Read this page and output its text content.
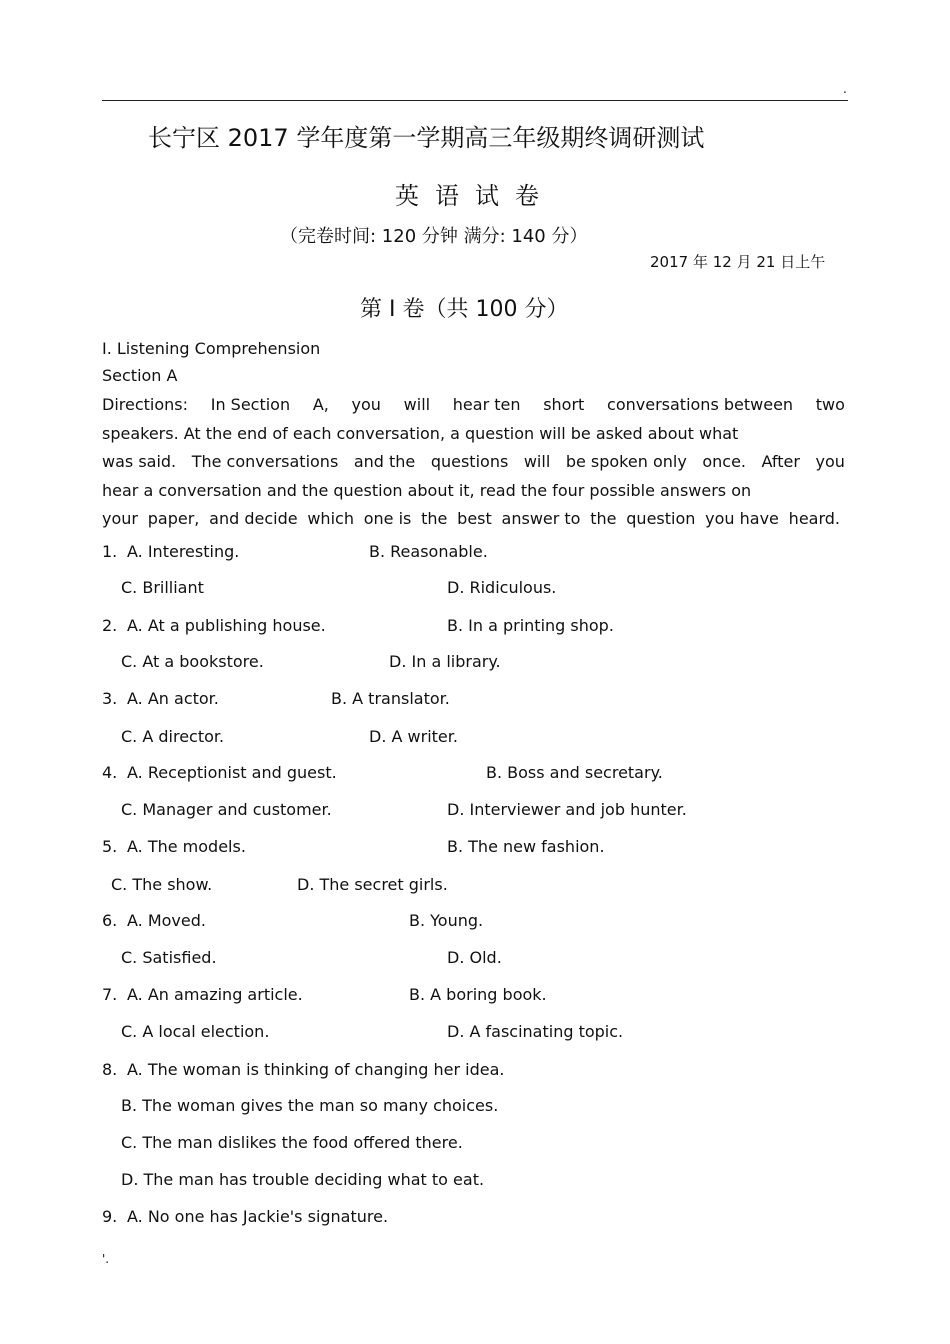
.
长宁区 2017 学年度第一学期高三年级期终调研测试
英语试卷
（完卷时间: 120 分钟 满分: 140 分）
2017 年 12 月 21 日上午
第 I 卷（共 100 分）
I. Listening Comprehension
Section A
Directions: In Section A, you will hear ten short conversations between two
speakers. At the end of each conversation, a question will be asked about what
was said. The conversations and the questions will be spoken only once. After you
hear a conversation and the question about it, read the four possible answers on
your paper, and decide which one is the best answer to the question you have heard.
1. A. Interesting.	B. Reasonable.
C. Brilliant	D. Ridiculous.
2. A. At a publishing house.	B. In a printing shop.
C. At a bookstore.	D. In a library.
3. A. An actor.	B. A translator.
C. A director.	D. A writer.
4. A. Receptionist and guest.	B. Boss and secretary.
C. Manager and customer.	D. Interviewer and job hunter.
5. A. The models.	B. The new fashion.
C. The show.	D. The secret girls.
6. A. Moved.	B. Young.
C. Satisfied.	D. Old.
7. A. An amazing article.	B. A boring book.
C. A local election.	D. A fascinating topic.
8. A. The woman is thinking of changing her idea.
B. The woman gives the man so many choices.
C. The man dislikes the food offered there.
D. The man has trouble deciding what to eat.
9. A. No one has Jackie's signature.
'.
